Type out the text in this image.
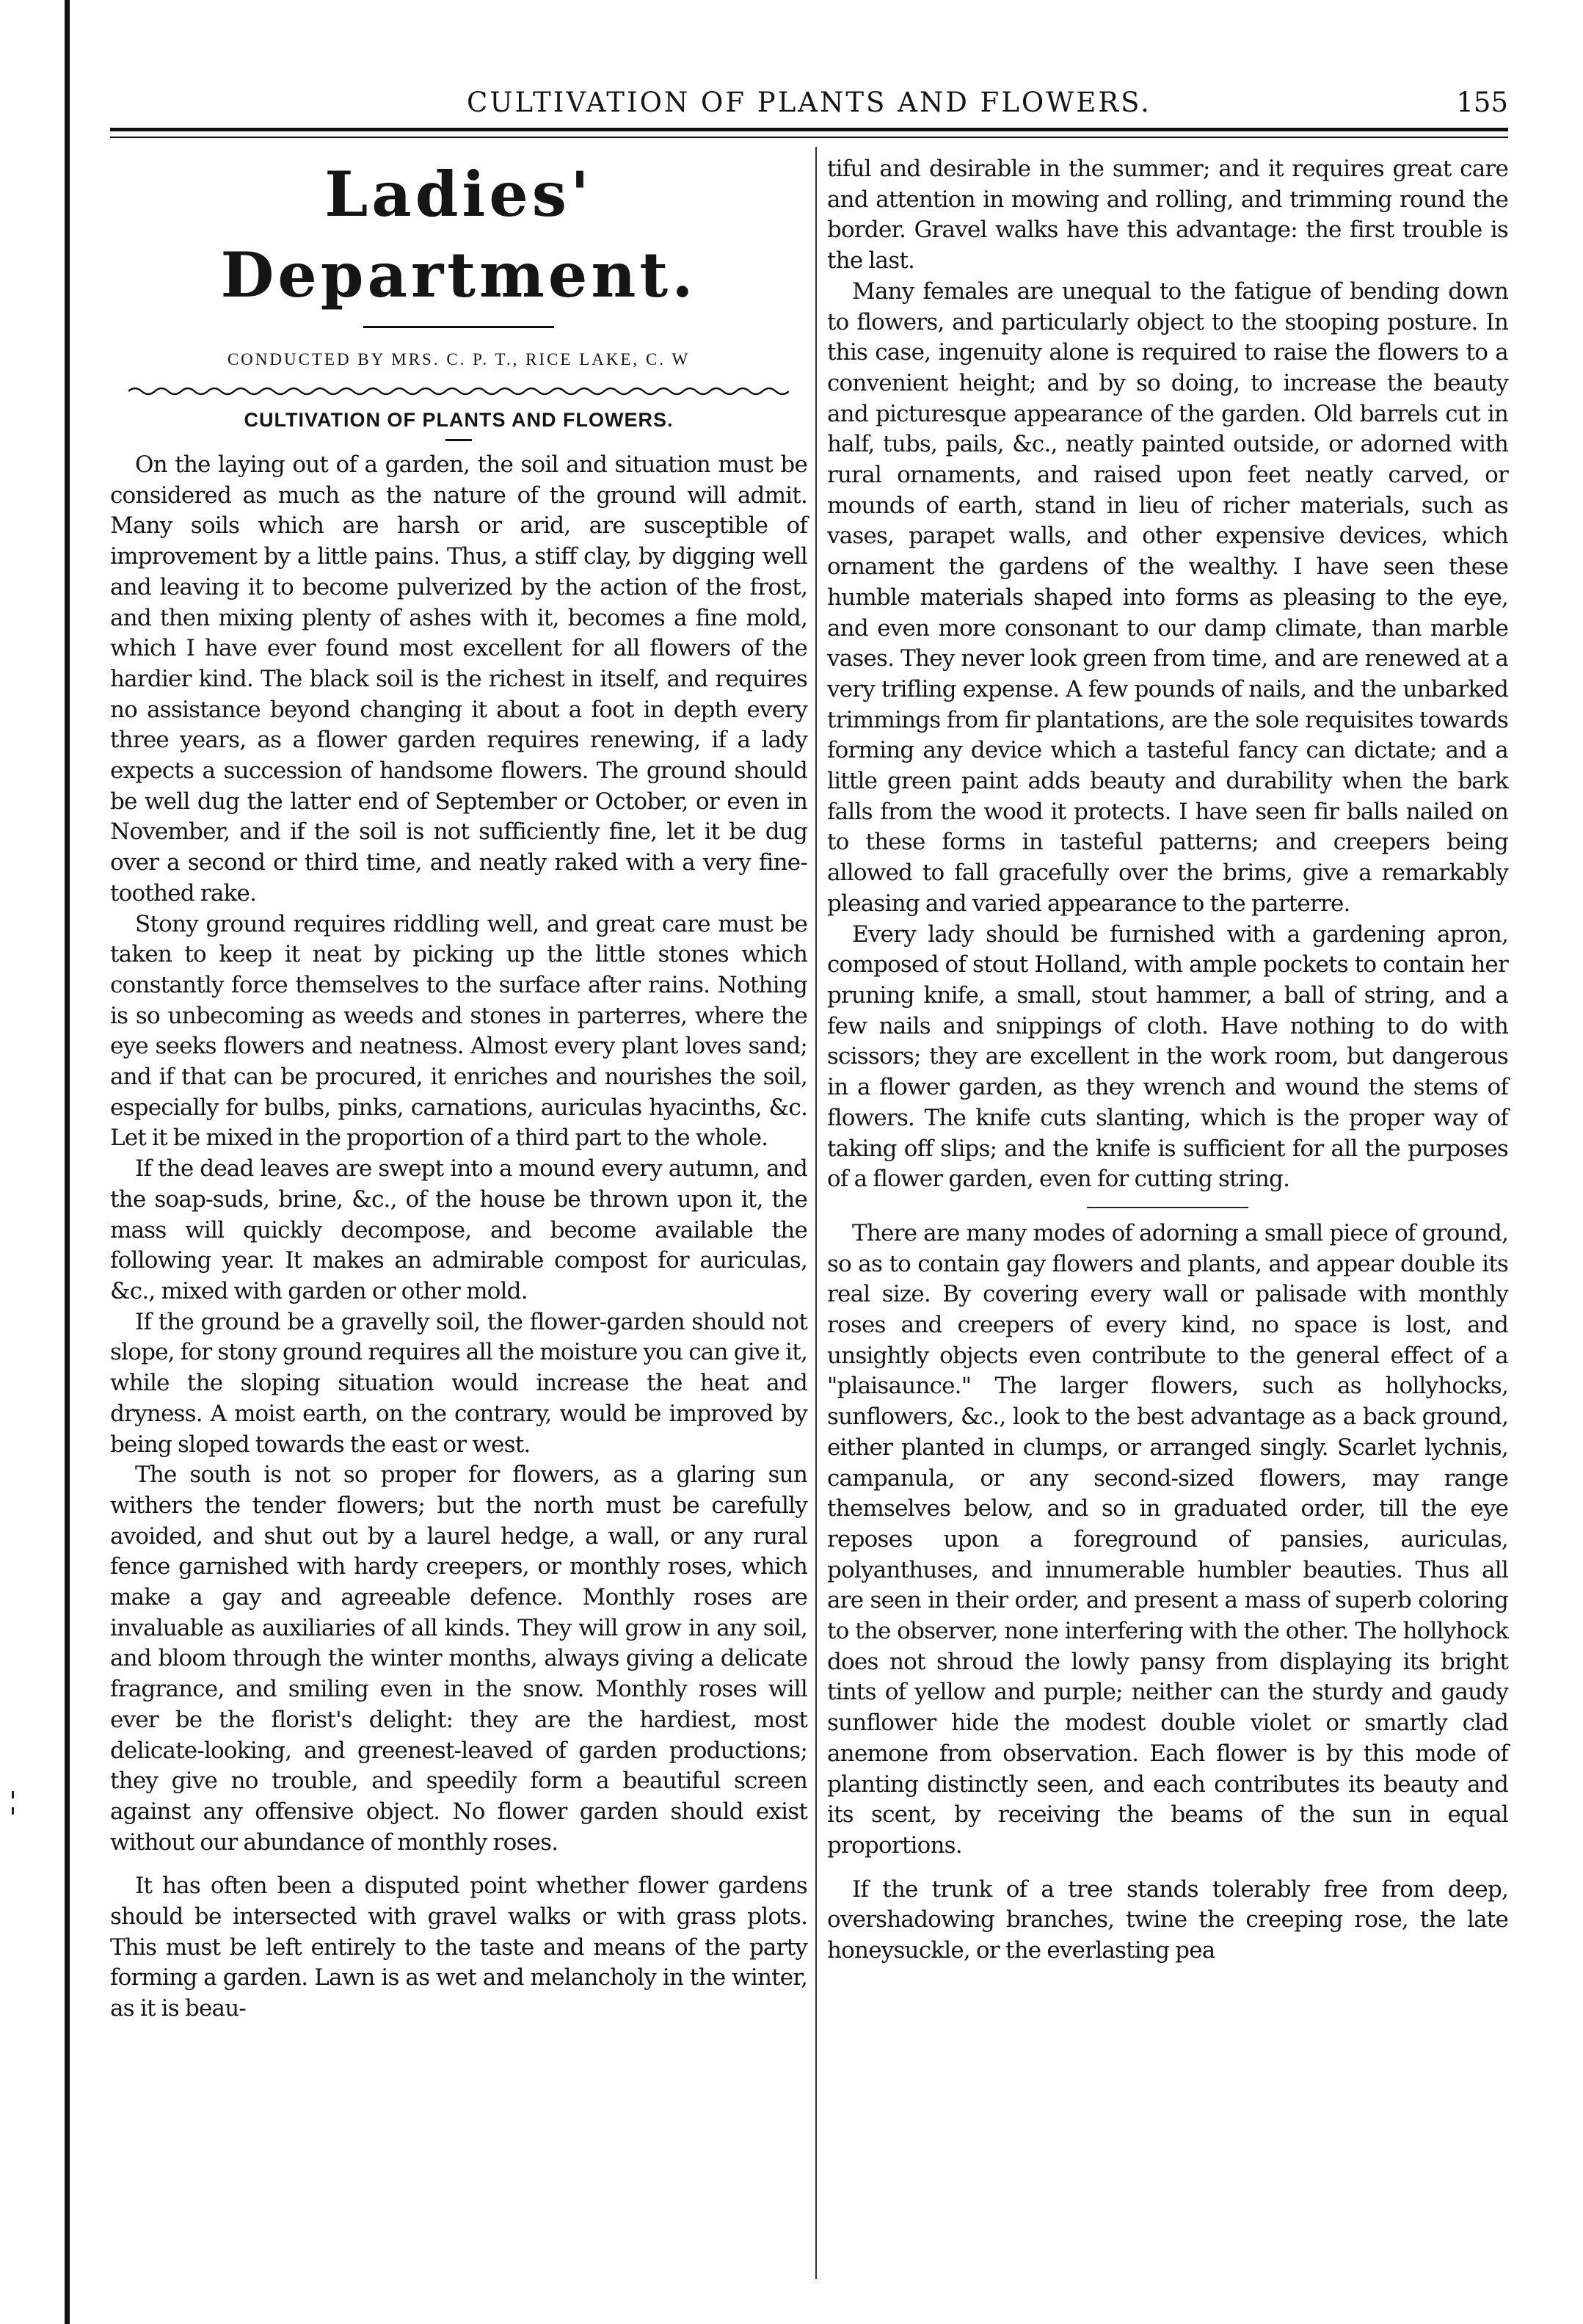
CULTIVATION OF PLANTS AND FLOWERS.	155
Ladies' Department.

CONDUCTED BY MRS. C. P. T., RICE LAKE, C. W

CULTIVATION OF PLANTS AND FLOWERS.

On the laying out of a garden, the soil and situation must be considered as much as the nature of the ground will admit. Many soils which are harsh or arid, are susceptible of improvement by a little pains. Thus, a stiff clay, by digging well and leaving it to become pulverized by the action of the frost, and then mixing plenty of ashes with it, becomes a fine mold, which I have ever found most excellent for all flowers of the hardier kind. The black soil is the richest in itself, and requires no assistance beyond changing it about a foot in depth every three years, as a flower garden requires renewing, if a lady expects a succession of handsome flowers. The ground should be well dug the latter end of September or October, or even in November, and if the soil is not sufficiently fine, let it be dug over a second or third time, and neatly raked with a very fine-toothed rake.

Stony ground requires riddling well, and great care must be taken to keep it neat by picking up the little stones which constantly force themselves to the surface after rains. Nothing is so unbecoming as weeds and stones in parterres, where the eye seeks flowers and neatness. Almost every plant loves sand; and if that can be procured, it enriches and nourishes the soil, especially for bulbs, pinks, carnations, auriculas hyacinths, &c. Let it be mixed in the proportion of a third part to the whole.

If the dead leaves are swept into a mound every autumn, and the soap-suds, brine, &c., of the house be thrown upon it, the mass will quickly decompose, and become available the following year. It makes an admirable compost for auriculas, &c., mixed with garden or other mold.

If the ground be a gravelly soil, the flower-garden should not slope, for stony ground requires all the moisture you can give it, while the sloping situation would increase the heat and dryness. A moist earth, on the contrary, would be improved by being sloped towards the east or west.

The south is not so proper for flowers, as a glaring sun withers the tender flowers; but the north must be carefully avoided, and shut out by a laurel hedge, a wall, or any rural fence garnished with hardy creepers, or monthly roses, which make a gay and agreeable defence. Monthly roses are invaluable as auxiliaries of all kinds. They will grow in any soil, and bloom through the winter months, always giving a delicate fragrance, and smiling even in the snow. Monthly roses will ever be the florist's delight: they are the hardiest, most delicate-looking, and greenest-leaved of garden productions; they give no trouble, and speedily form a beautiful screen against any offensive object. No flower garden should exist without our abundance of monthly roses.

It has often been a disputed point whether flower gardens should be intersected with gravel walks or with grass plots. This must be left entirely to the taste and means of the party forming a garden. Lawn is as wet and melancholy in the winter, as it is beau-

tiful and desirable in the summer; and it requires great care and attention in mowing and rolling, and trimming round the border. Gravel walks have this advantage: the first trouble is the last.

Many females are unequal to the fatigue of bending down to flowers, and particularly object to the stooping posture. In this case, ingenuity alone is required to raise the flowers to a convenient height; and by so doing, to increase the beauty and picturesque appearance of the garden. Old barrels cut in half, tubs, pails, &c., neatly painted outside, or adorned with rural ornaments, and raised upon feet neatly carved, or mounds of earth, stand in lieu of richer materials, such as vases, parapet walls, and other expensive devices, which ornament the gardens of the wealthy. I have seen these humble materials shaped into forms as pleasing to the eye, and even more consonant to our damp climate, than marble vases. They never look green from time, and are renewed at a very trifling expense. A few pounds of nails, and the unbarked trimmings from fir plantations, are the sole requisites towards forming any device which a tasteful fancy can dictate; and a little green paint adds beauty and durability when the bark falls from the wood it protects. I have seen fir balls nailed on to these forms in tasteful patterns; and creepers being allowed to fall gracefully over the brims, give a remarkably pleasing and varied appearance to the parterre.

Every lady should be furnished with a gardening apron, composed of stout Holland, with ample pockets to contain her pruning knife, a small, stout hammer, a ball of string, and a few nails and snippings of cloth. Have nothing to do with scissors; they are excellent in the work room, but dangerous in a flower garden, as they wrench and wound the stems of flowers. The knife cuts slanting, which is the proper way of taking off slips; and the knife is sufficient for all the purposes of a flower garden, even for cutting string.

There are many modes of adorning a small piece of ground, so as to contain gay flowers and plants, and appear double its real size. By covering every wall or palisade with monthly roses and creepers of every kind, no space is lost, and unsightly objects even contribute to the general effect of a "plaisaunce." The larger flowers, such as hollyhocks, sunflowers, &c., look to the best advantage as a back ground, either planted in clumps, or arranged singly. Scarlet lychnis, campanula, or any second-sized flowers, may range themselves below, and so in graduated order, till the eye reposes upon a foreground of pansies, auriculas, polyanthuses, and innumerable humbler beauties. Thus all are seen in their order, and present a mass of superb coloring to the observer, none interfering with the other. The hollyhock does not shroud the lowly pansy from displaying its bright tints of yellow and purple; neither can the sturdy and gaudy sunflower hide the modest double violet or smartly clad anemone from observation. Each flower is by this mode of planting distinctly seen, and each contributes its beauty and its scent, by receiving the beams of the sun in equal proportions.

If the trunk of a tree stands tolerably free from deep, overshadowing branches, twine the creeping rose, the late honeysuckle, or the everlasting pea
